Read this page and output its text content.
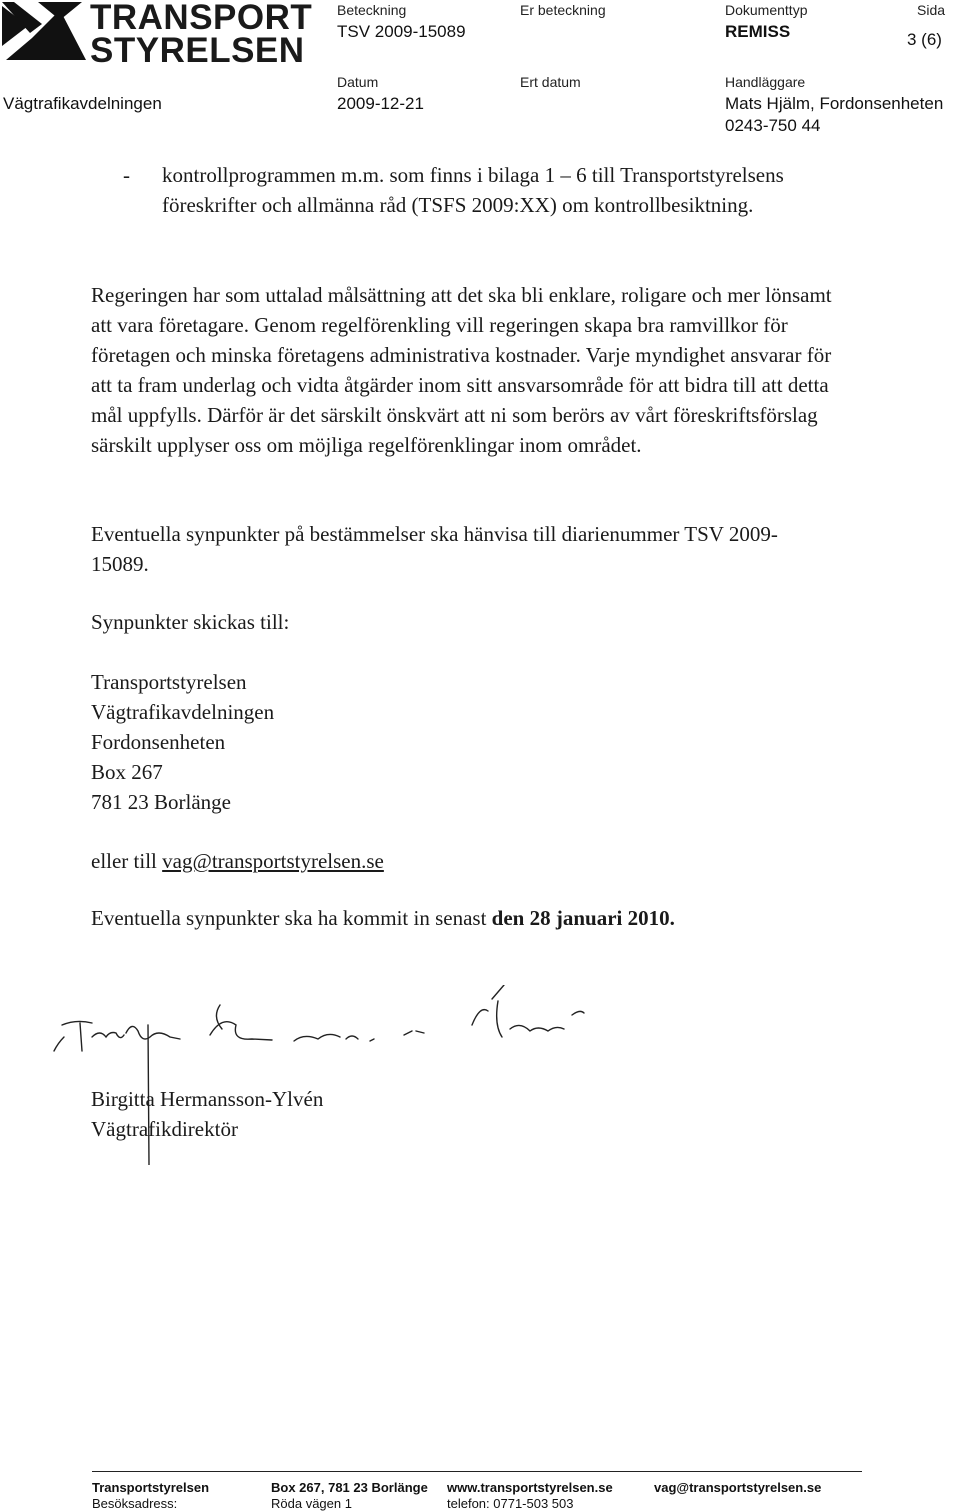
TRANSPORT
STYRELSEN
Vägtrafikavdelningen
Beteckning
TSV 2009-15089
Er beteckning	Dokumenttyp
REMISS
Sida
3 (6)
Datum
2009-12-21
Ert datum	Handläggare
Mats Hjälm, Fordonsenheten
0243-750 44
- kontrollprogrammen m.m. som finns i bilaga 1 – 6 till Transportstyrelsens föreskrifter och allmänna råd (TSFS 2009:XX) om kontrollbesiktning.
Regeringen har som uttalad målsättning att det ska bli enklare, roligare och mer lönsamt att vara företagare. Genom regelförenkling vill regeringen skapa bra ramvillkor för företagen och minska företagens administrativa kostnader. Varje myndighet ansvarar för att ta fram underlag och vidta åtgärder inom sitt ansvarsområde för att bidra till att detta mål uppfylls. Därför är det särskilt önskvärt att ni som berörs av vårt föreskriftsförslag särskilt upplyser oss om möjliga regelförenklingar inom området.
Eventuella synpunkter på bestämmelser ska hänvisa till diarienummer TSV 2009-15089.
Synpunkter skickas till:

Transportstyrelsen

Vägtrafikavdelningen

Fordonsenheten

Box 267

781 23 Borlänge

eller till vag@transportstyrelsen.se
Eventuella synpunkter ska ha kommit in senast den 28 januari 2010.
Birgitta Hermansson-Ylvén
Vägtrafikdirektör
Transportstyrelsen
Besöksadress:
Box 267, 781 23 Borlänge
Röda vägen 1
www.transportstyrelsen.se
telefon: 0771-503 503
vag@transportstyrelsen.se
